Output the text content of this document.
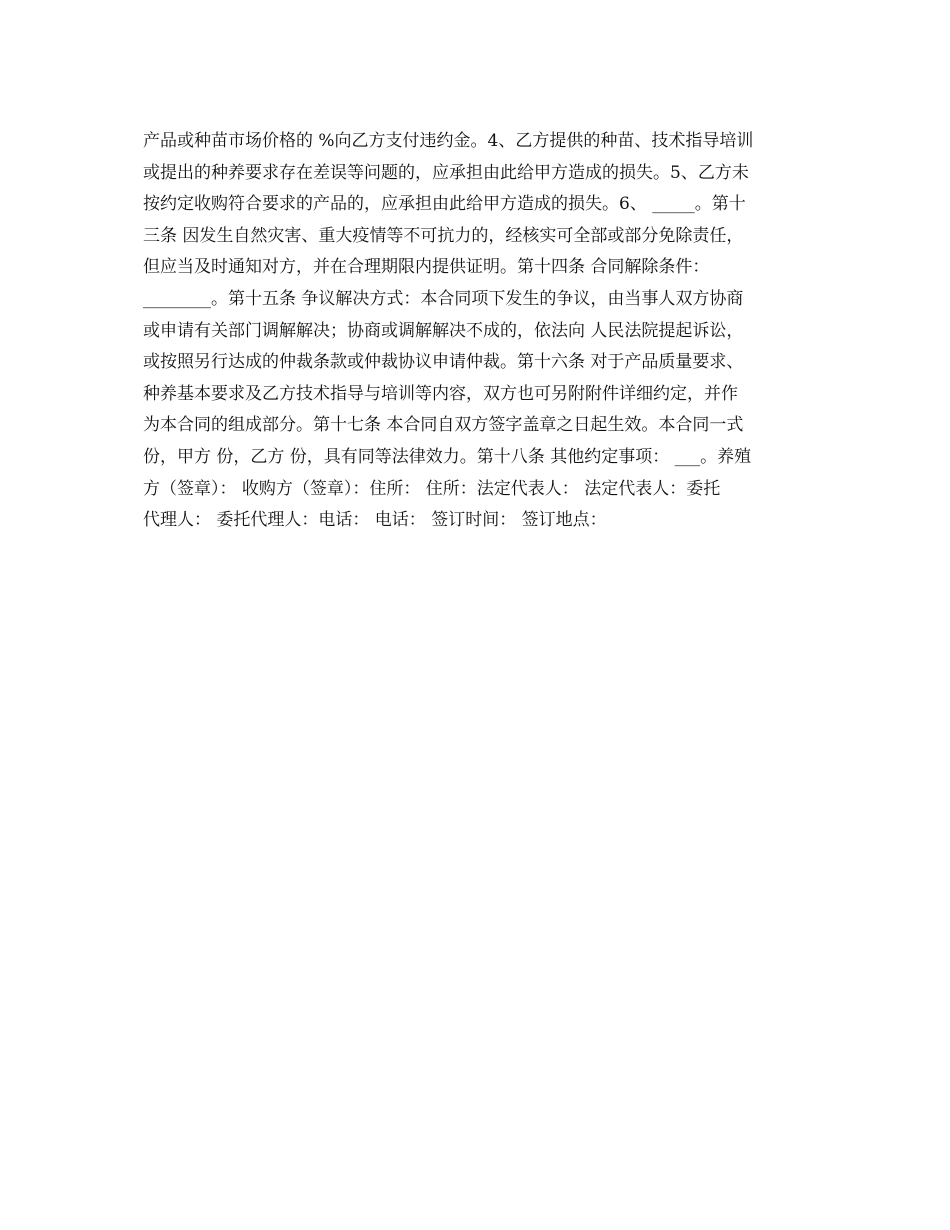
产品或种苗市场价格的 %向乙方支付违约金。4、乙方提供的种苗、技术指导培训
或提出的种养要求存在差误等问题的，应承担由此给甲方造成的损失。5、乙方未
按约定收购符合要求的产品的，应承担由此给甲方造成的损失。6、 _____。第十
三条 因发生自然灾害、重大疫情等不可抗力的，经核实可全部或部分免除责任，
但应当及时通知对方，并在合理期限内提供证明。第十四条 合同解除条件：
________。第十五条 争议解决方式：本合同项下发生的争议，由当事人双方协商
或申请有关部门调解解决；协商或调解解决不成的，依法向 人民法院提起诉讼，
或按照另行达成的仲裁条款或仲裁协议申请仲裁。第十六条 对于产品质量要求、
种养基本要求及乙方技术指导与培训等内容，双方也可另附附件详细约定，并作
为本合同的组成部分。第十七条 本合同自双方签字盖章之日起生效。本合同一式
份，甲方 份，乙方 份，具有同等法律效力。第十八条 其他约定事项： ___。养殖
方（签章）： 收购方（签章）：住所： 住所：法定代表人： 法定代表人：委托
代理人： 委托代理人：电话： 电话： 签订时间： 签订地点：
